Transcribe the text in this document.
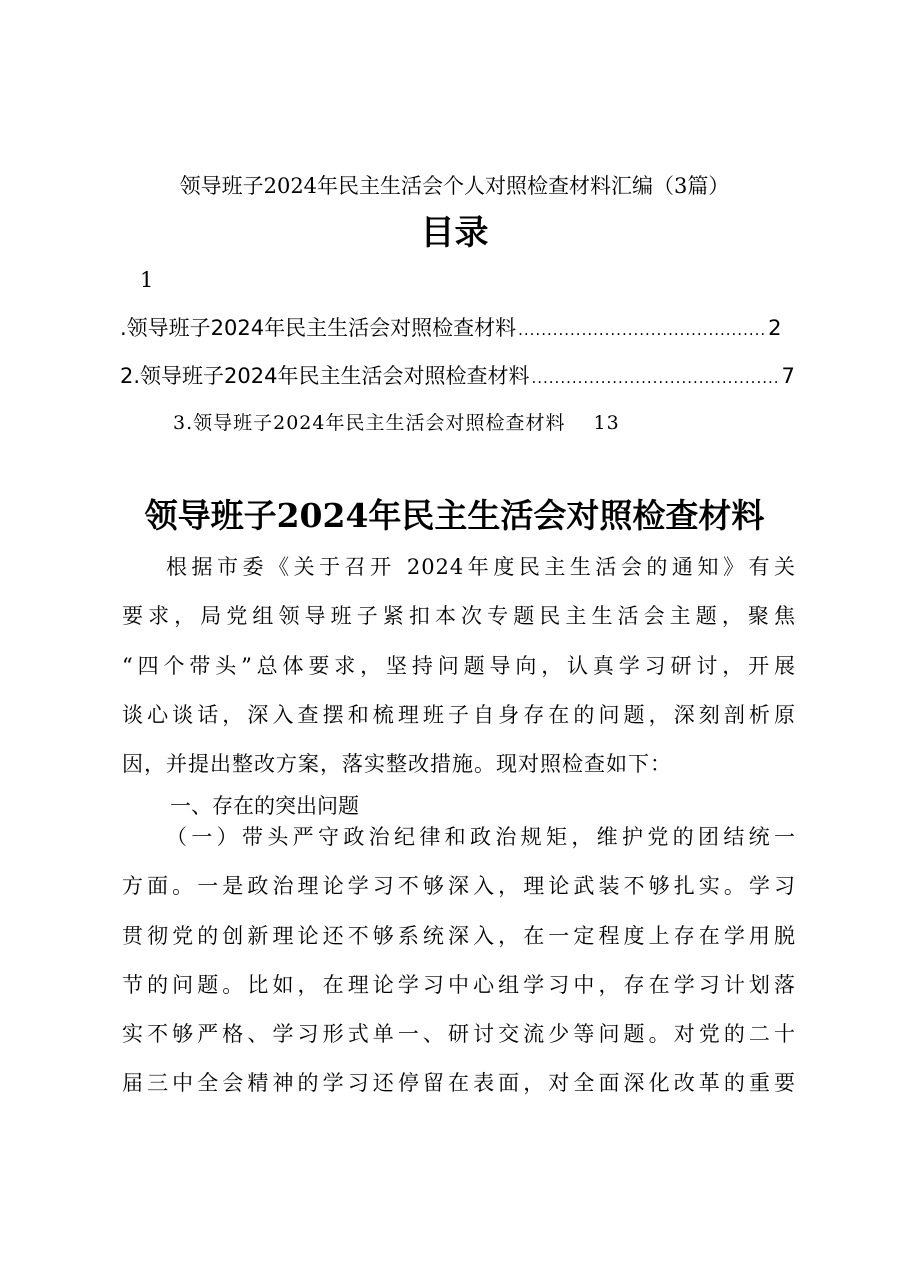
领导班子2024年民主生活会个人对照检查材料汇编（3篇）
目录
1
.领导班子2024年民主生活会对照检查材料 ........................................... 2
2.领导班子2024年民主生活会对照检查材料 ........................................... 7
3.领导班子2024年民主生活会对照检查材料 13
领导班子2024年民主生活会对照检查材料
根据市委《关于召开 2024年度民主生活会的通知》有关
要求，局党组领导班子紧扣本次专题民主生活会主题，聚焦
“四个带头”总体要求，坚持问题导向，认真学习研讨，开展
谈心谈话，深入查摆和梳理班子自身存在的问题，深刻剖析原
因，并提出整改方案，落实整改措施。现对照检查如下：
一、存在的突出问题
（一）带头严守政治纪律和政治规矩，维护党的团结统一
方面。一是政治理论学习不够深入，理论武装不够扎实。学习
贯彻党的创新理论还不够系统深入，在一定程度上存在学用脱
节的问题。比如，在理论学习中心组学习中，存在学习计划落
实不够严格、学习形式单一、研讨交流少等问题。对党的二十
届三中全会精神的学习还停留在表面，对全面深化改革的重要
